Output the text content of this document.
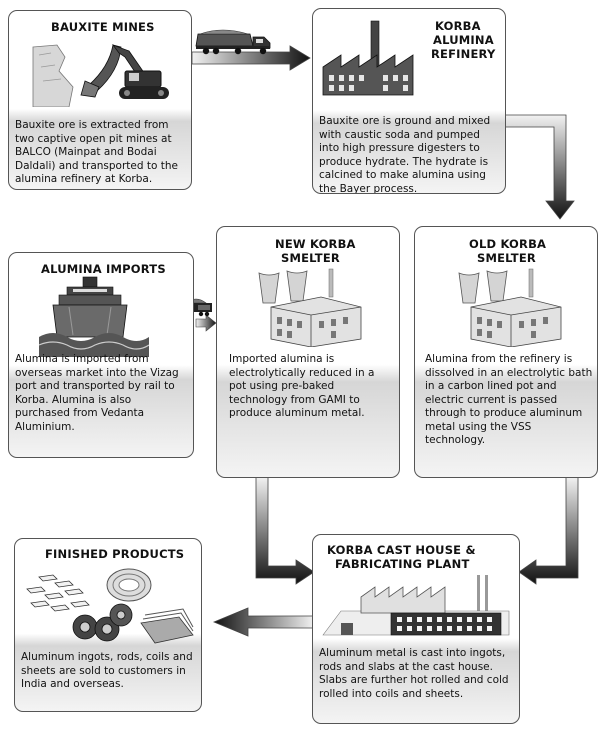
BAUXITE MINES
Bauxite ore is extracted from two captive open pit mines at BALCO (Mainpat and Bodai Daldali) and transported to the alumina refinery at Korba.
KORBA
ALUMINA
REFINERY
Bauxite ore is ground and mixed with caustic soda and pumped into high pressure digesters to produce hydrate. The hydrate is calcined to make alumina using the Bayer process.
ALUMINA IMPORTS
Alumina is imported from overseas market into the Vizag port and transported by rail to Korba. Alumina is also purchased from Vedanta Aluminium.
NEW KORBA
SMELTER
Imported alumina is electrolytically reduced in a pot using pre-baked technology from GAMI to produce aluminum metal.
OLD KORBA
SMELTER
Alumina from the refinery is dissolved in an electrolytic bath in a carbon lined pot and electric current is passed through to produce aluminum metal using the VSS technology.
FINISHED PRODUCTS
Aluminum ingots, rods, coils and sheets are sold to customers in India and overseas.
KORBA CAST HOUSE &
FABRICATING PLANT
Aluminum metal is cast into ingots, rods and slabs at the cast house. Slabs are further hot rolled and cold rolled into coils and sheets.
